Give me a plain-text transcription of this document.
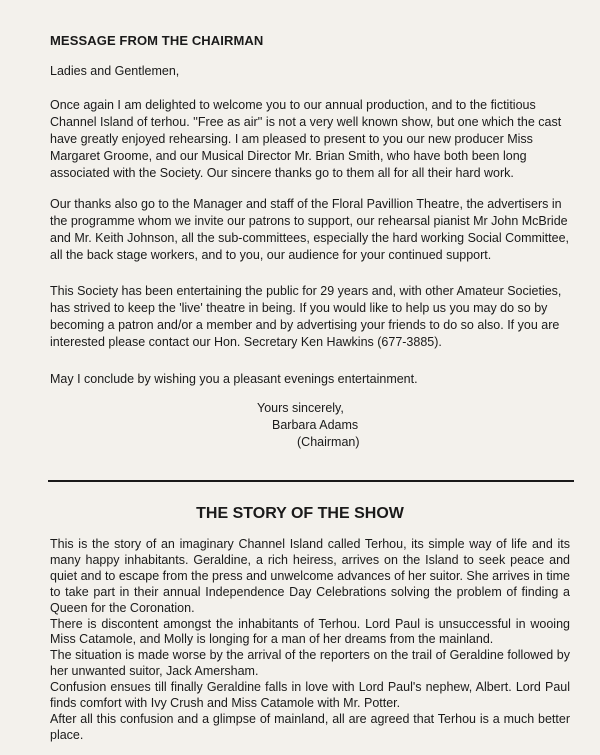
MESSAGE FROM THE CHAIRMAN

Ladies and Gentlemen,

Once again I am delighted to welcome you to our annual production, and to the fictitious Channel Island of terhou. ''Free as air'' is not a very well known show, but one which the cast have greatly enjoyed rehearsing. I am pleased to present to you our new producer Miss Margaret Groome, and our Musical Director Mr. Brian Smith, who have both been long associated with the Society. Our sincere thanks go to them all for all their hard work.

Our thanks also go to the Manager and staff of the Floral Pavillion Theatre, the advertisers in the programme whom we invite our patrons to support, our rehearsal pianist Mr John McBride and Mr. Keith Johnson, all the sub-committees, especially the hard working Social Committee, all the back stage workers, and to you, our audience for your continued support.

This Society has been entertaining the public for 29 years and, with other Amateur Societies, has strived to keep the 'live' theatre in being. If you would like to help us you may do so by becoming a patron and/or a member and by advertising your friends to do so also. If you are interested please contact our Hon. Secretary Ken Hawkins (677-3885).

May I conclude by wishing you a pleasant evenings entertainment.

Yours sincerely,
Barbara Adams
(Chairman)
THE STORY OF THE SHOW

This is the story of an imaginary Channel Island called Terhou, its simple way of life and its many happy inhabitants. Geraldine, a rich heiress, arrives on the Island to seek peace and quiet and to escape from the press and unwelcome advances of her suitor. She arrives in time to take part in their annual Independence Day Celebrations solving the problem of finding a Queen for the Coronation.

There is discontent amongst the inhabitants of Terhou. Lord Paul is unsuccessful in wooing Miss Catamole, and Molly is longing for a man of her dreams from the mainland.

The situation is made worse by the arrival of the reporters on the trail of Geraldine followed by her unwanted suitor, Jack Amersham.

Confusion ensues till finally Geraldine falls in love with Lord Paul's nephew, Albert. Lord Paul finds comfort with Ivy Crush and Miss Catamole with Mr. Potter.

After all this confusion and a glimpse of mainland, all are agreed that Terhou is a much better place.
